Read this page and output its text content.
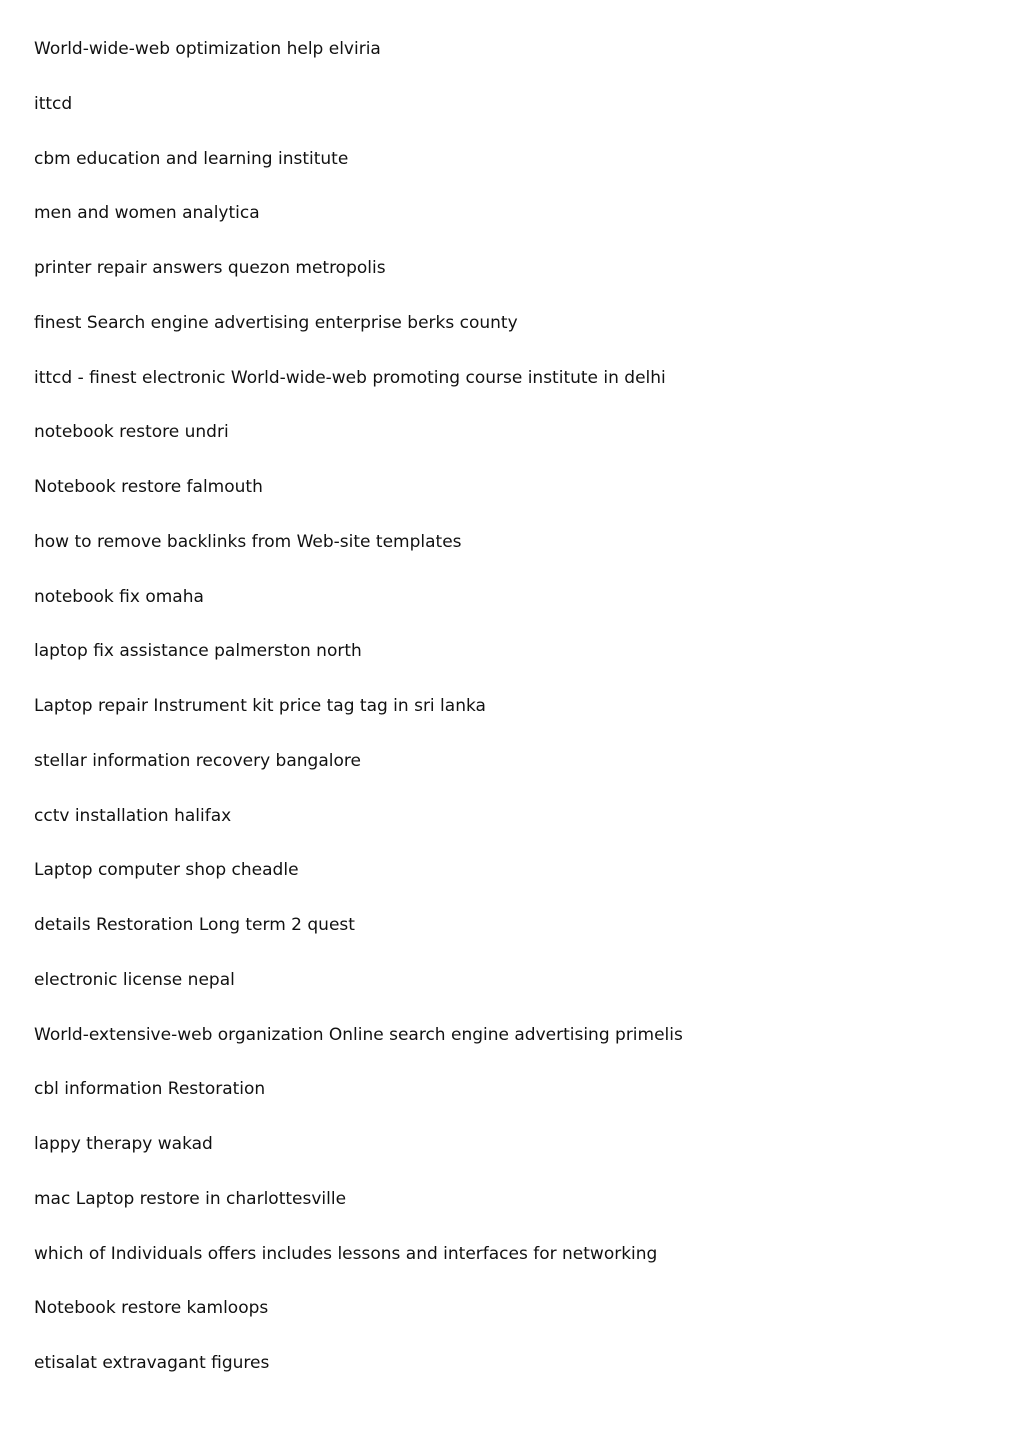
World-wide-web optimization help elviria
ittcd
cbm education and learning institute
men and women analytica
printer repair answers quezon metropolis
finest Search engine advertising enterprise berks county
ittcd - finest electronic World-wide-web promoting course institute in delhi
notebook restore undri
Notebook restore falmouth
how to remove backlinks from Web-site templates
notebook fix omaha
laptop fix assistance palmerston north
Laptop repair Instrument kit price tag tag in sri lanka
stellar information recovery bangalore
cctv installation halifax
Laptop computer shop cheadle
details Restoration Long term 2 quest
electronic license nepal
World-extensive-web organization Online search engine advertising primelis
cbl information Restoration
lappy therapy wakad
mac Laptop restore in charlottesville
which of Individuals offers includes lessons and interfaces for networking
Notebook restore kamloops
etisalat extravagant figures
